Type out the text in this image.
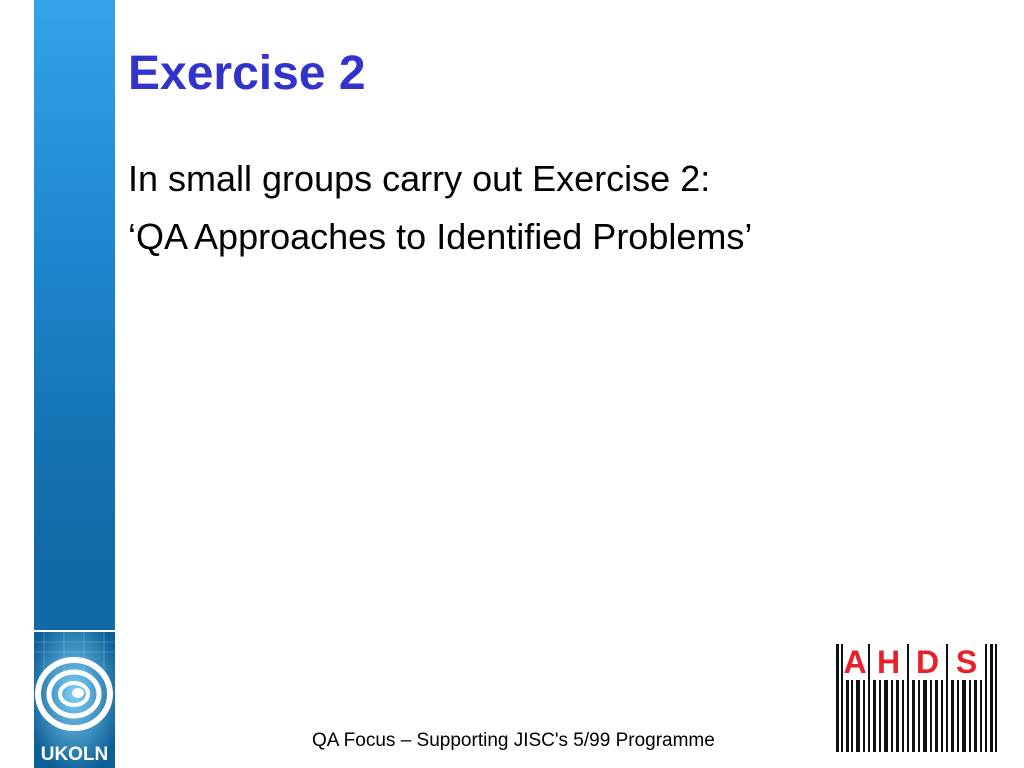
UKOLN
Exercise 2

In small groups carry out Exercise 2:

‘QA Approaches to Identified Problems’

QA Focus – Supporting JISC's 5/99 Programme
A H D S
